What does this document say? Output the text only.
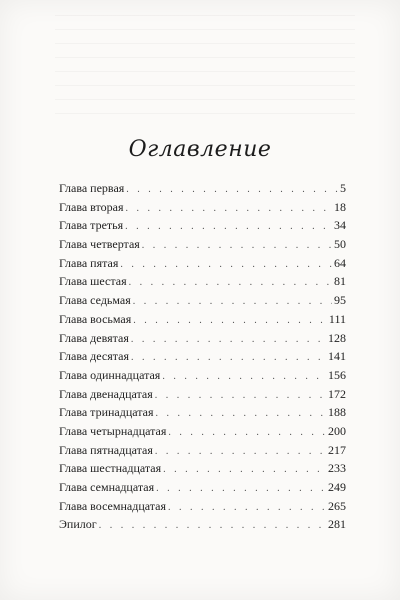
Оглавление
Глава первая . . .	5
Глава вторая . . .	18
Глава третья . . .	34
Глава четвертая . . .	50
Глава пятая . . .	64
Глава шестая . . .	81
Глава седьмая . . .	95
Глава восьмая . . .	111
Глава девятая . . .	128
Глава десятая . . .	141
Глава одиннадцатая . . .	156
Глава двенадцатая . . .	172
Глава тринадцатая . . .	188
Глава четырнадцатая . . .	200
Глава пятнадцатая . . .	217
Глава шестнадцатая . . .	233
Глава семнадцатая . . .	249
Глава восемнадцатая . . .	265
Эпилог . . .	281
